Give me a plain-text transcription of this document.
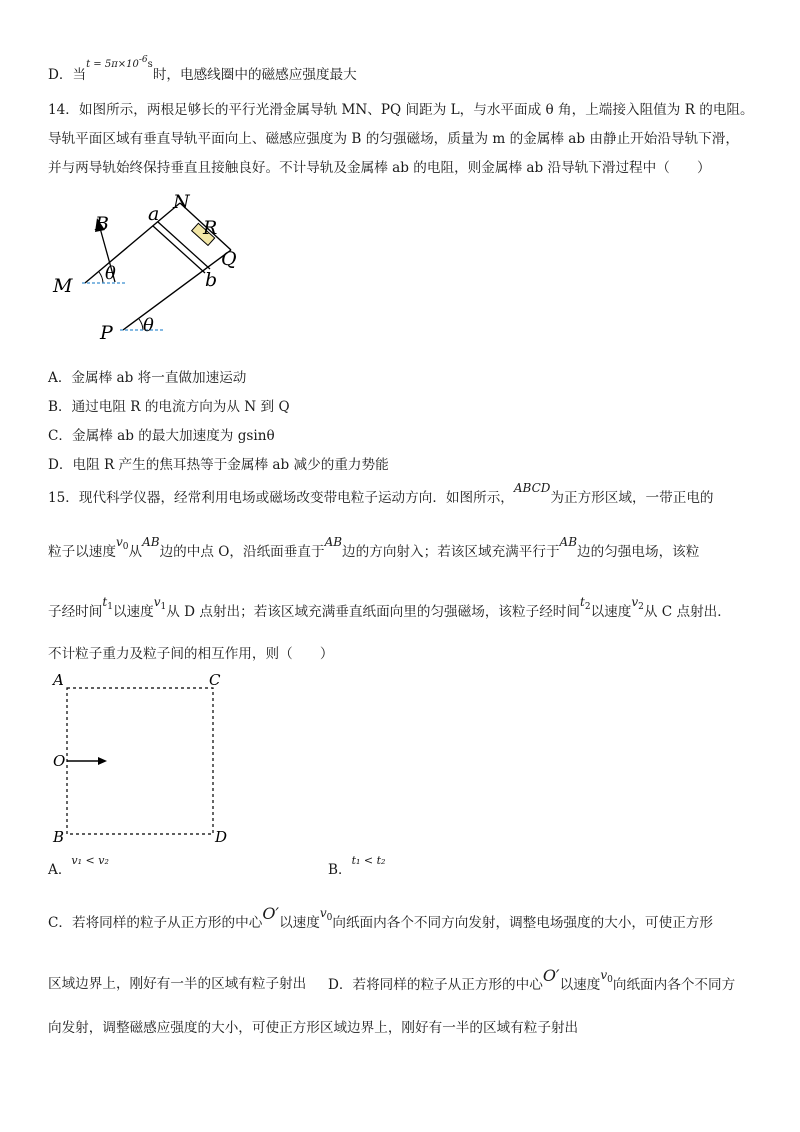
D．当t = 5π×10-6s时，电感线圈中的磁感应强度最大
14．如图所示，两根足够长的平行光滑金属导轨 MN、PQ 间距为 L，与水平面成 θ 角，上端接入阻值为 R 的电阻。
导轨平面区域有垂直导轨平面向上、磁感应强度为 B 的匀强磁场，质量为 m 的金属棒 ab 由静止开始沿导轨下滑，
并与两导轨始终保持垂直且接触良好。不计导轨及金属棒 ab 的电阻，则金属棒 ab 沿导轨下滑过程中（　　）
a
N
R
Q
b
B
θ
M
P θ
A．金属棒 ab 将一直做加速运动
B．通过电阻 R 的电流方向为从 N 到 Q
C．金属棒 ab 的最大加速度为 gsinθ
D．电阻 R 产生的焦耳热等于金属棒 ab 减少的重力势能
15．现代科学仪器，经常利用电场或磁场改变带电粒子运动方向．如图所示，ABCD为正方形区域，一带正电的
粒子以速度$v_0$从AB边的中点 O，沿纸面垂直于AB边的方向射入；若该区域充满平行于AB边的匀强电场，该粒
子经时间$t_1$以速度$v_1$从 D 点射出；若该区域充满垂直纸面向里的匀强磁场，该粒子经时间$t_2$以速度$v_2$从 C 点射出．
不计粒子重力及粒子间的相互作用，则（　　）
A	C
O
B	D
A．v₁ < v₂
B．t₁ < t₂
C．若将同样的粒子从正方形的中心O′以速度$v_0$向纸面内各个不同方向发射，调整电场强度的大小，可使正方形
区域边界上，刚好有一半的区域有粒子射出 D．若将同样的粒子从正方形的中心O′以速度$v_0$向纸面内各个不同方
向发射，调整磁感应强度的大小，可使正方形区域边界上，刚好有一半的区域有粒子射出
